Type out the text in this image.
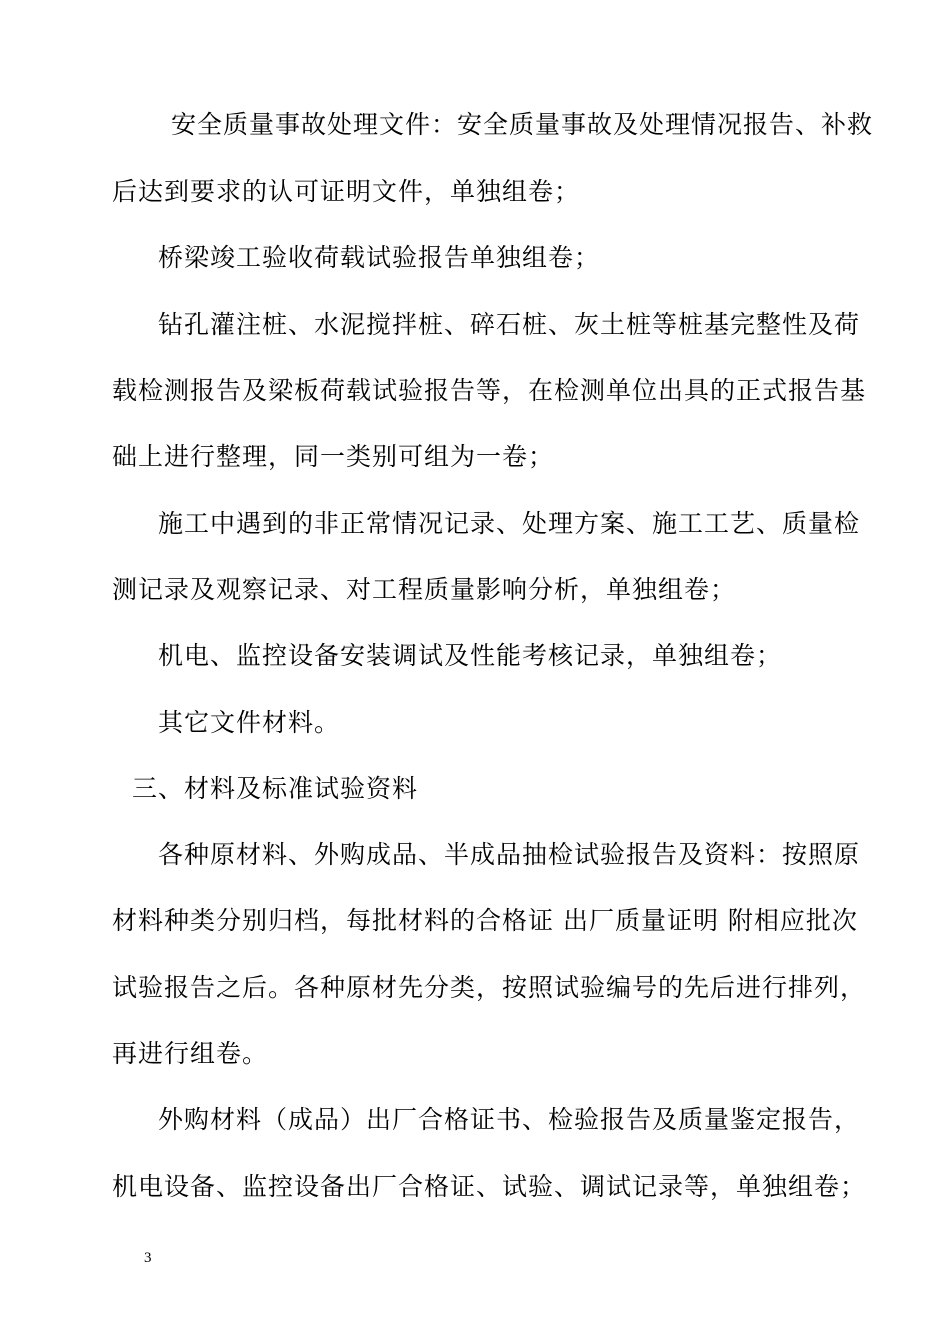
安全质量事故处理文件：安全质量事故及处理情况报告、补救
后达到要求的认可证明文件，单独组卷；
桥梁竣工验收荷载试验报告单独组卷；
钻孔灌注桩、水泥搅拌桩、碎石桩、灰土桩等桩基完整性及荷
载检测报告及梁板荷载试验报告等，在检测单位出具的正式报告基
础上进行整理，同一类别可组为一卷；
施工中遇到的非正常情况记录、处理方案、施工工艺、质量检
测记录及观察记录、对工程质量影响分析，单独组卷；
机电、监控设备安装调试及性能考核记录，单独组卷；
其它文件材料。
三、材料及标准试验资料
各种原材料、外购成品、半成品抽检试验报告及资料：按照原
材料种类分别归档，每批材料的合格证 出厂质量证明 附相应批次
试验报告之后。各种原材先分类，按照试验编号的先后进行排列，
再进行组卷。
外购材料（成品）出厂合格证书、检验报告及质量鉴定报告，
机电设备、监控设备出厂合格证、试验、调试记录等，单独组卷；
3
